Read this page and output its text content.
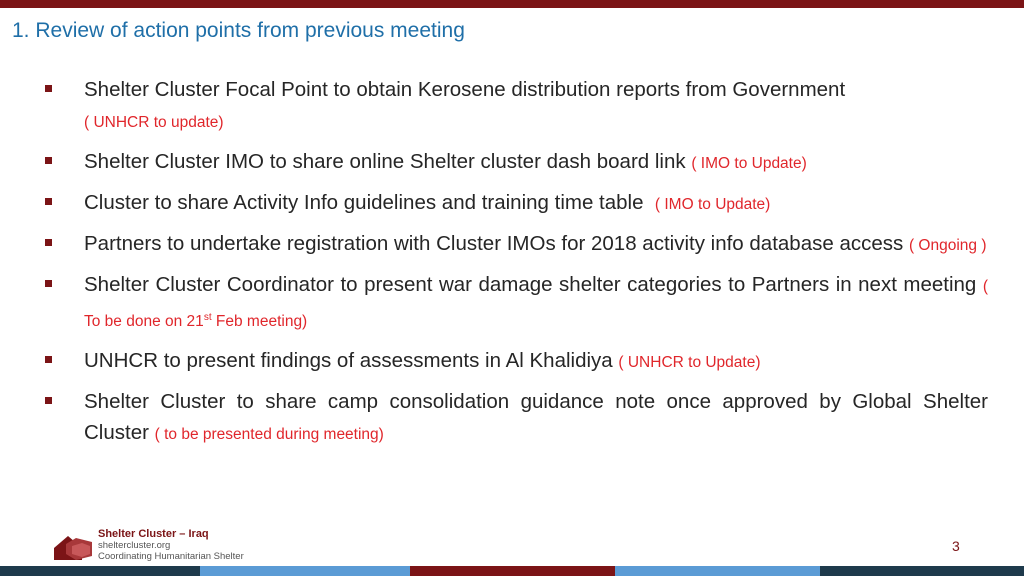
1. Review of action points from previous meeting
Shelter Cluster Focal Point to obtain Kerosene distribution reports from Government
( UNHCR to update)
Shelter Cluster IMO to share online Shelter cluster dash board link ( IMO to Update)
Cluster to share Activity Info guidelines and training time table ( IMO to Update)
Partners to undertake registration with Cluster IMOs for 2018 activity info database access ( Ongoing )
Shelter Cluster Coordinator to present war damage shelter categories to Partners in next meeting ( To be done on 21st Feb meeting)
UNHCR to present findings of assessments in Al Khalidiya ( UNHCR to Update)
Shelter Cluster to share camp consolidation guidance note once approved by Global Shelter Cluster ( to be presented during meeting)
Shelter Cluster – Iraq
sheltercluster.org
Coordinating Humanitarian Shelter
3
